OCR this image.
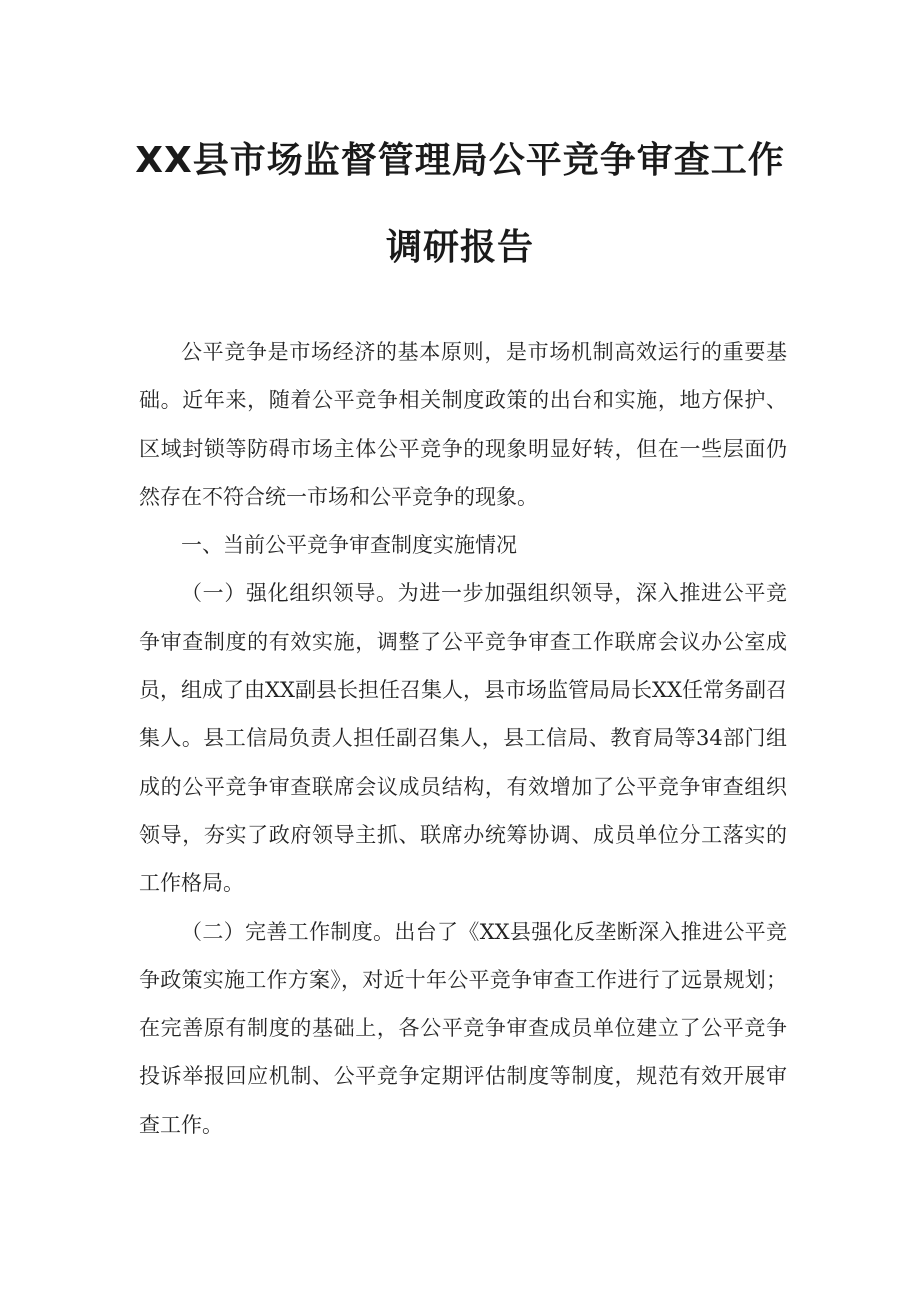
XX县市场监督管理局公平竞争审查工作
调研报告

公平竞争是市场经济的基本原则，是市场机制高效运行的重要基础。近年来，随着公平竞争相关制度政策的出台和实施，地方保护、区域封锁等防碍市场主体公平竞争的现象明显好转，但在一些层面仍然存在不符合统一市场和公平竞争的现象。

一、当前公平竞争审查制度实施情况

（一）强化组织领导。为进一步加强组织领导，深入推进公平竞争审查制度的有效实施，调整了公平竞争审查工作联席会议办公室成员，组成了由XX副县长担任召集人，县市场监管局局长XX任常务副召集人。县工信局负责人担任副召集人，县工信局、教育局等34部门组成的公平竞争审查联席会议成员结构，有效增加了公平竞争审查组织领导，夯实了政府领导主抓、联席办统筹协调、成员单位分工落实的工作格局。

（二）完善工作制度。出台了《XX县强化反垄断深入推进公平竞争政策实施工作方案》，对近十年公平竞争审查工作进行了远景规划；在完善原有制度的基础上，各公平竞争审查成员单位建立了公平竞争投诉举报回应机制、公平竞争定期评估制度等制度，规范有效开展审查工作。
